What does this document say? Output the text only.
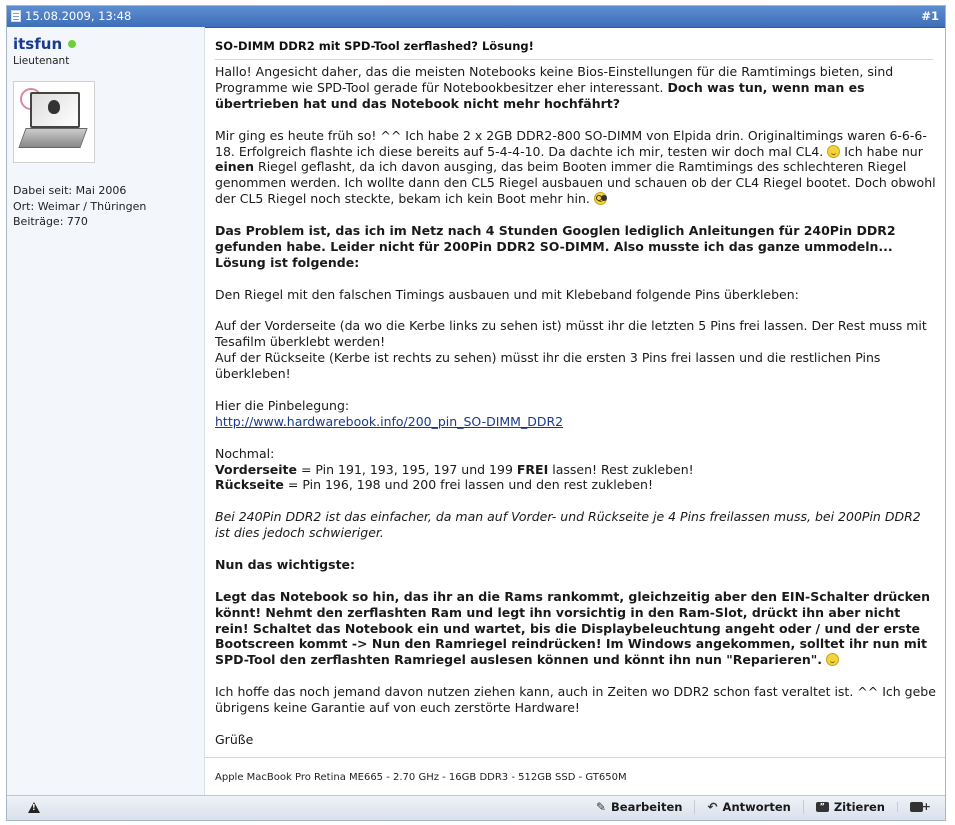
15.08.2009, 13:48	#1
itsfun
Lieutenant
Dabei seit: Mai 2006
Ort: Weimar / Thüringen
Beiträge: 770
SO-DIMM DDR2 mit SPD-Tool zerflashed? Lösung!

Hallo! Angesicht daher, das die meisten Notebooks keine Bios-Einstellungen für die Ramtimings bieten, sind Programme wie SPD-Tool gerade für Notebookbesitzer eher interessant. Doch was tun, wenn man es übertrieben hat und das Notebook nicht mehr hochfährt?

Mir ging es heute früh so! ^^ Ich habe 2 x 2GB DDR2-800 SO-DIMM von Elpida drin. Originaltimings waren 6-6-6-18. Erfolgreich flashte ich diese bereits auf 5-4-4-10. Da dachte ich mir, testen wir doch mal CL4.  Ich habe nur einen Riegel geflasht, da ich davon ausging, das beim Booten immer die Ramtimings des schlechteren Riegel genommen werden. Ich wollte dann den CL5 Riegel ausbauen und schauen ob der CL4 Riegel bootet. Doch obwohl der CL5 Riegel noch steckte, bekam ich kein Boot mehr hin.

Das Problem ist, das ich im Netz nach 4 Stunden Googlen lediglich Anleitungen für 240Pin DDR2 gefunden habe. Leider nicht für 200Pin DDR2 SO-DIMM. Also musste ich das ganze ummodeln... Lösung ist folgende:

Den Riegel mit den falschen Timings ausbauen und mit Klebeband folgende Pins überkleben:

Auf der Vorderseite (da wo die Kerbe links zu sehen ist) müsst ihr die letzten 5 Pins frei lassen. Der Rest muss mit Tesafilm überklebt werden!
Auf der Rückseite (Kerbe ist rechts zu sehen) müsst ihr die ersten 3 Pins frei lassen und die restlichen Pins überkleben!

Hier die Pinbelegung:
http://www.hardwarebook.info/200_pin_SO-DIMM_DDR2

Nochmal:
Vorderseite = Pin 191, 193, 195, 197 und 199 FREI lassen! Rest zukleben!
Rückseite = Pin 196, 198 und 200 frei lassen und den rest zukleben!

Bei 240Pin DDR2 ist das einfacher, da man auf Vorder- und Rückseite je 4 Pins freilassen muss, bei 200Pin DDR2 ist dies jedoch schwieriger.

Nun das wichtigste:

Legt das Notebook so hin, das ihr an die Rams rankommt, gleichzeitig aber den EIN-Schalter drücken könnt! Nehmt den zerflashten Ram und legt ihn vorsichtig in den Ram-Slot, drückt ihn aber nicht rein! Schaltet das Notebook ein und wartet, bis die Displaybeleuchtung angeht oder / und der erste Bootscreen kommt -> Nun den Ramriegel reindrücken! Im Windows angekommen, solltet ihr nun mit SPD-Tool den zerflashten Ramriegel auslesen können und könnt ihn nun "Reparieren".

Ich hoffe das noch jemand davon nutzen ziehen kann, auch in Zeiten wo DDR2 schon fast veraltet ist. ^^ Ich gebe übrigens keine Garantie auf von euch zerstörte Hardware!

Grüße

Apple MacBook Pro Retina ME665 - 2.70 GHz - 16GB DDR3 - 512GB SSD - GT650M
!
✎ Bearbeiten ↶ Antworten	” Zitieren
+
